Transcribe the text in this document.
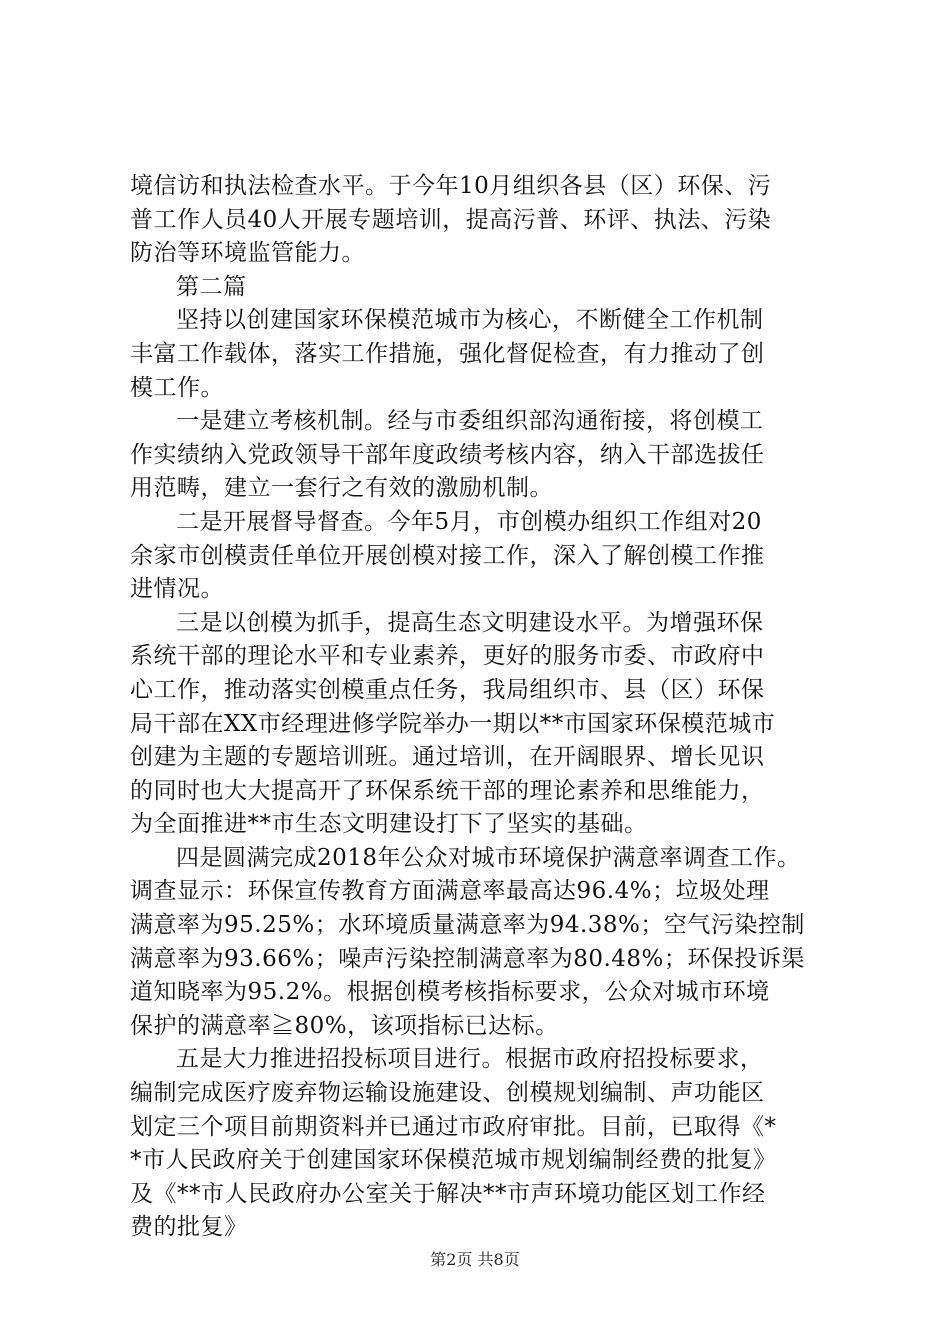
境信访和执法检查水平。于今年10月组织各县（区）环保、污
普工作人员40人开展专题培训，提高污普、环评、执法、污染
防治等环境监管能力。
第二篇
坚持以创建国家环保模范城市为核心，不断健全工作机制
丰富工作载体，落实工作措施，强化督促检查，有力推动了创
模工作。
一是建立考核机制。经与市委组织部沟通衔接，将创模工
作实绩纳入党政领导干部年度政绩考核内容，纳入干部选拔任
用范畴，建立一套行之有效的激励机制。
二是开展督导督查。今年5月，市创模办组织工作组对20
余家市创模责任单位开展创模对接工作，深入了解创模工作推
进情况。
三是以创模为抓手，提高生态文明建设水平。为增强环保
系统干部的理论水平和专业素养，更好的服务市委、市政府中
心工作，推动落实创模重点任务，我局组织市、县（区）环保
局干部在XX市经理进修学院举办一期以**市国家环保模范城市
创建为主题的专题培训班。通过培训，在开阔眼界、增长见识
的同时也大大提高开了环保系统干部的理论素养和思维能力，
为全面推进**市生态文明建设打下了坚实的基础。
四是圆满完成2018年公众对城市环境保护满意率调查工作。
调查显示：环保宣传教育方面满意率最高达96.4%；垃圾处理
满意率为95.25%；水环境质量满意率为94.38%；空气污染控制
满意率为93.66%；噪声污染控制满意率为80.48%；环保投诉渠
道知晓率为95.2%。根据创模考核指标要求，公众对城市环境
保护的满意率≧80%，该项指标已达标。
五是大力推进招投标项目进行。根据市政府招投标要求，
编制完成医疗废弃物运输设施建设、创模规划编制、声功能区
划定三个项目前期资料并已通过市政府审批。目前，已取得《*
*市人民政府关于创建国家环保模范城市规划编制经费的批复》
及《**市人民政府办公室关于解决**市声环境功能区划工作经
费的批复》
第2页 共8页
